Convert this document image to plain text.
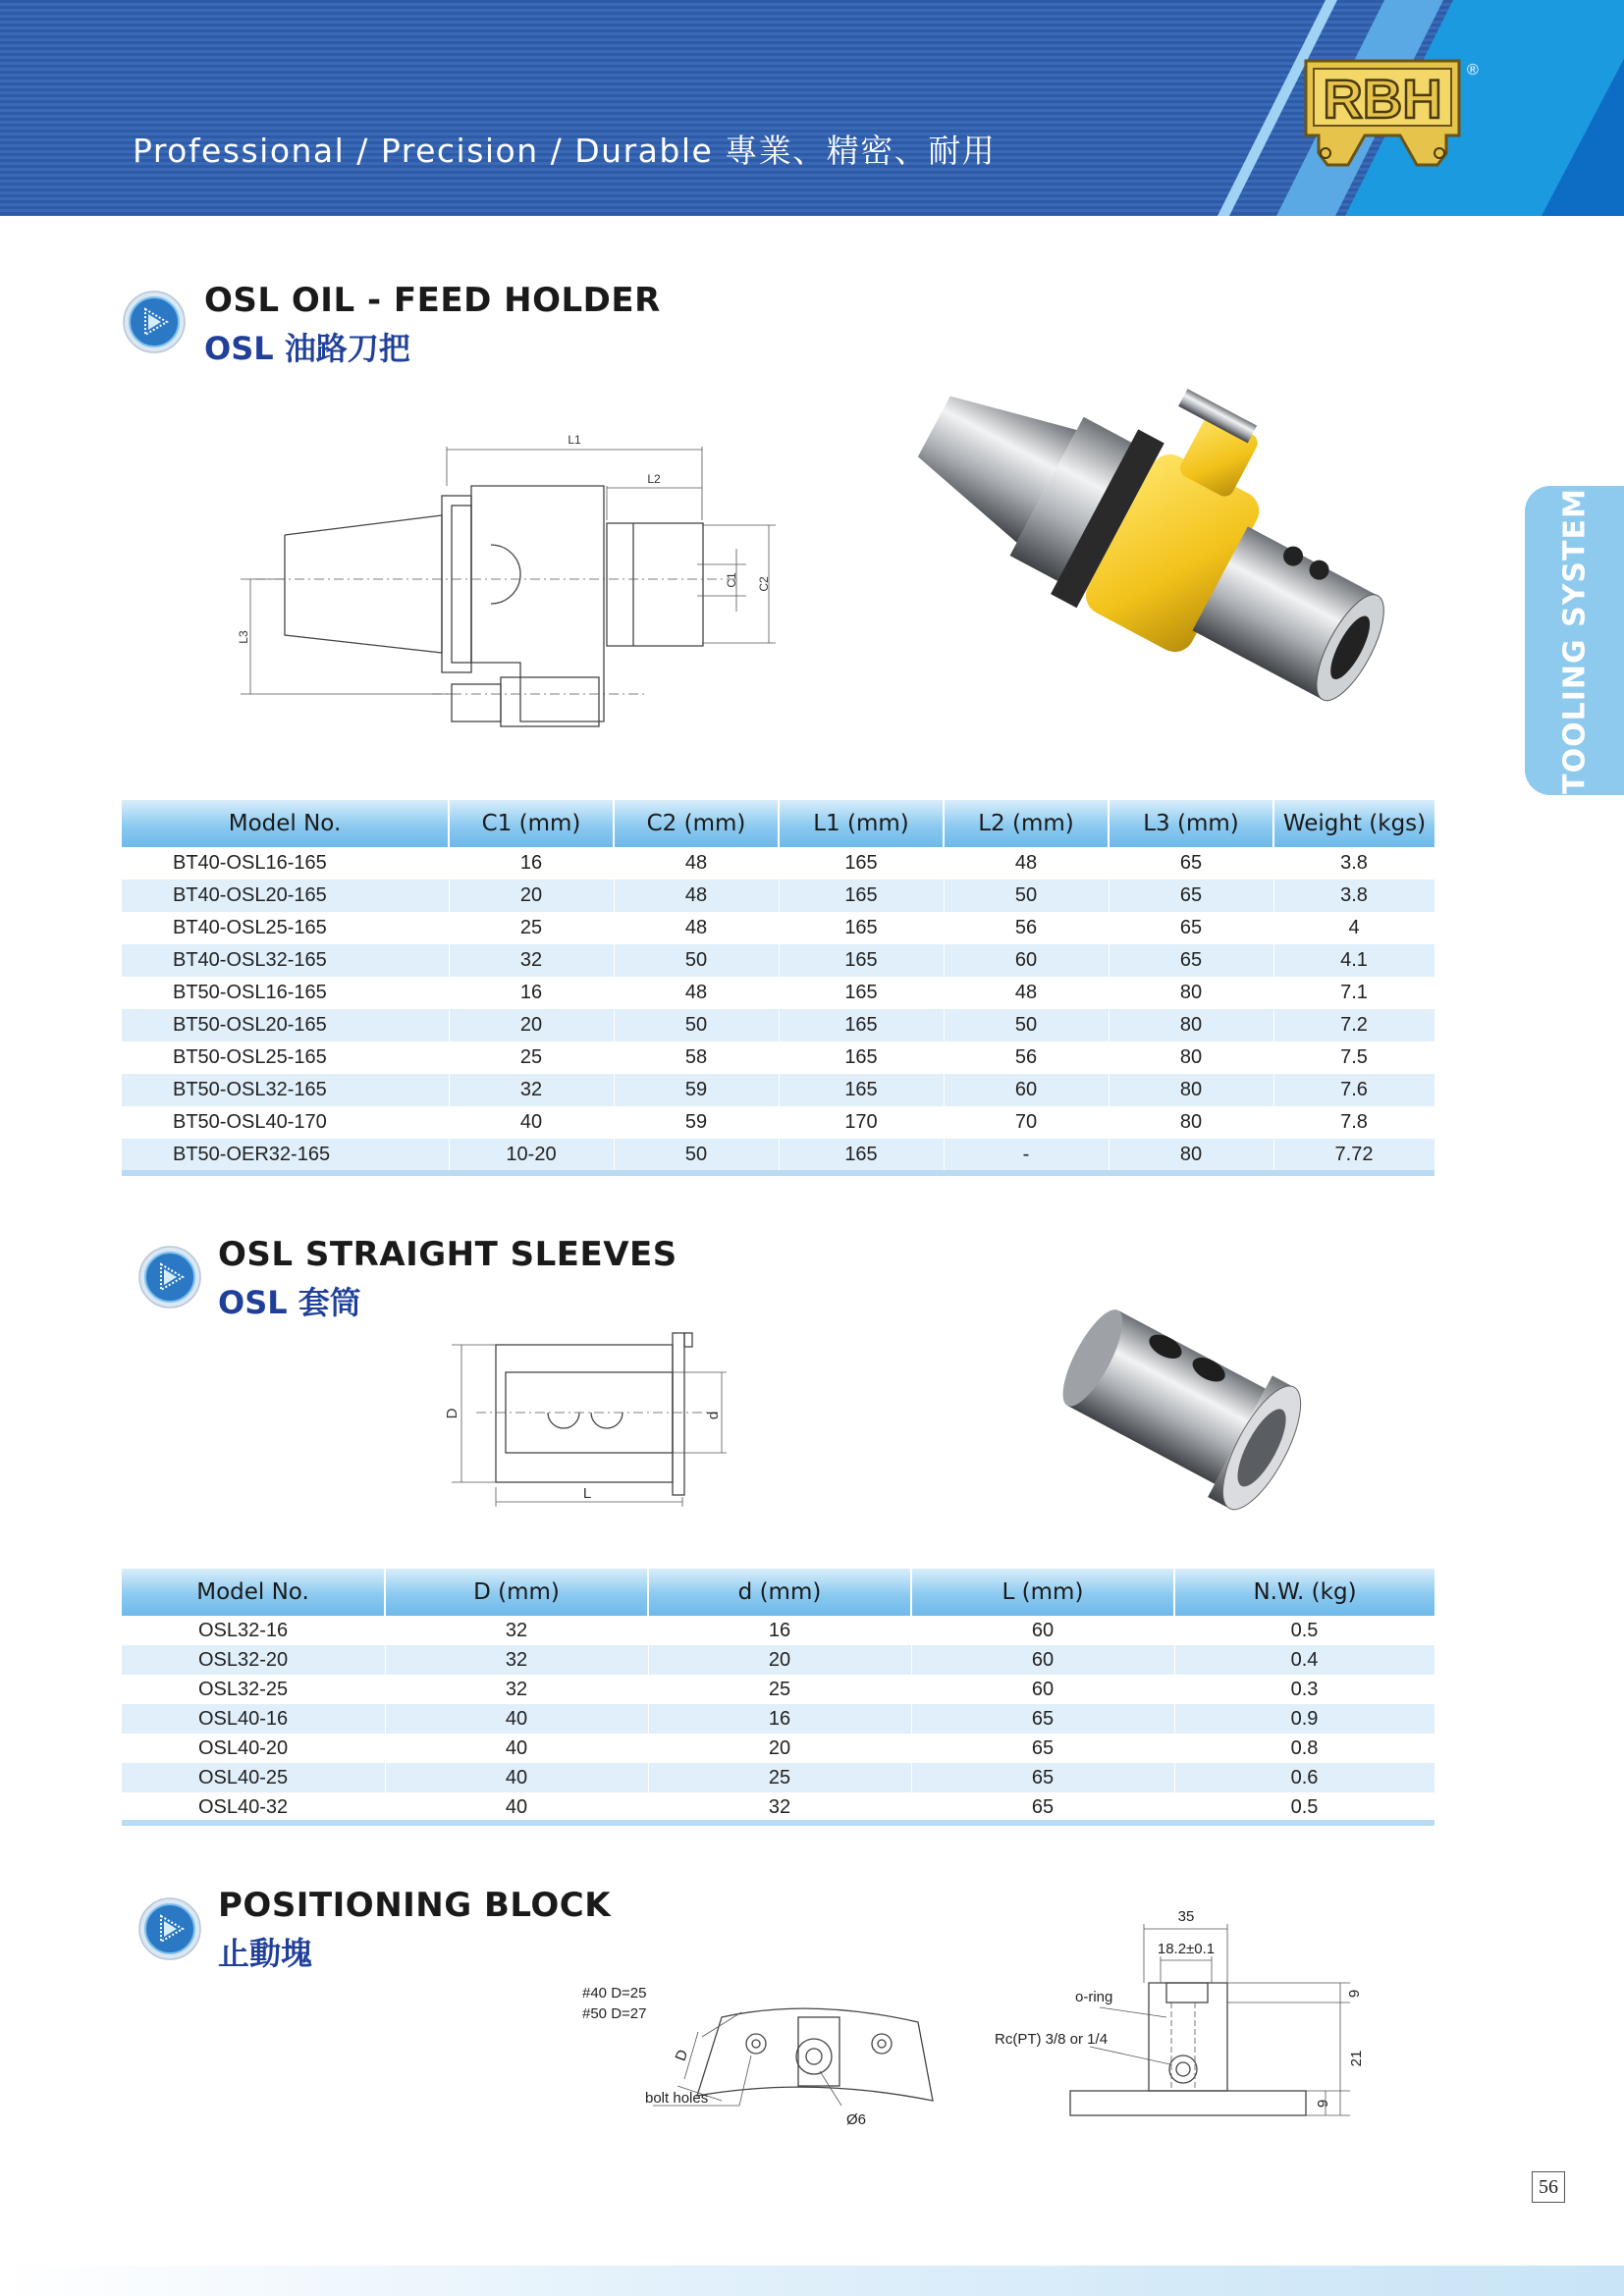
Professional / Precision / Durable 專業、精密、耐用
RBH ®
TOOLING SYSTEM
OSL OIL - FEED HOLDER
OSL 油路刀把
L1
L2
C1 C2
L3
Model No.	C1 (mm)	C2 (mm)	L1 (mm)	L2 (mm)	L3 (mm)	Weight (kgs)
BT40-OSL16-165	16	48	165	48	65	3.8
BT40-OSL20-165	20	48	165	50	65	3.8
BT40-OSL25-165	25	48	165	56	65	4
BT40-OSL32-165	32	50	165	60	65	4.1
BT50-OSL16-165	16	48	165	48	80	7.1
BT50-OSL20-165	20	50	165	50	80	7.2
BT50-OSL25-165	25	58	165	56	80	7.5
BT50-OSL32-165	32	59	165	60	80	7.6
BT50-OSL40-170	40	59	170	70	80	7.8
BT50-OER32-165	10-20	50	165	-	80	7.72
OSL STRAIGHT SLEEVES
OSL 套筒
D	d
L
Model No.	D (mm)	d (mm)	L (mm)	N.W. (kg)
OSL32-16	32	16	60	0.5
OSL32-20	32	20	60	0.4
OSL32-25	32	25	60	0.3
OSL40-16	40	16	65	0.9
OSL40-20	40	20	65	0.8
OSL40-25	40	25	65	0.6
OSL40-32	40	32	65	0.5
POSITIONING BLOCK
止動塊
#40 D=25
#50 D=27
D
bolt holes
Ø6
35
18.2±0.1
o-ring
Rc(PT) 3/8 or 1/4
9
21
9
56
